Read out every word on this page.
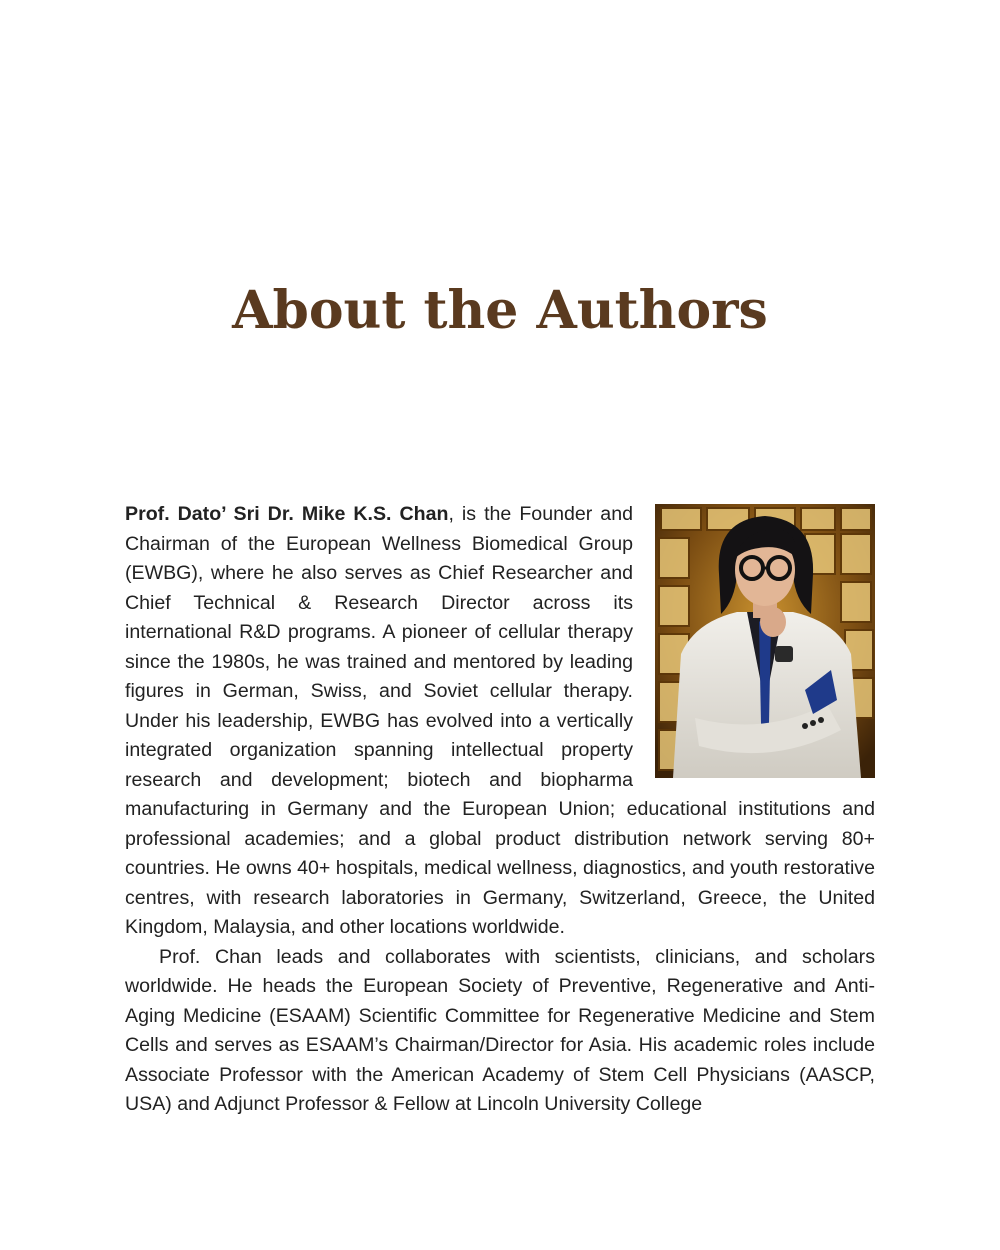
About the Authors

Prof. Dato’ Sri Dr. Mike K.S. Chan, is the Founder and Chairman of the European Wellness Biomedical Group (EWBG), where he also serves as Chief Researcher and Chief Technical & Research Director across its international R&D programs. A pioneer of cellular therapy since the 1980s, he was trained and mentored by leading figures in German, Swiss, and Soviet cellular therapy. Under his leadership, EWBG has evolved into a vertically integrated organization spanning intellectual property research and development; biotech and biopharma manufacturing in Germany and the European Union; educational institutions and professional academies; and a global product distribution network serving 80+ countries. He owns 40+ hospitals, medical wellness, diagnostics, and youth restorative centres, with research laboratories in Germany, Switzerland, Greece, the United Kingdom, Malaysia, and other locations worldwide.

Prof. Chan leads and collaborates with scientists, clinicians, and scholars worldwide. He heads the European Society of Preventive, Regenerative and Anti-Aging Medicine (ESAAM) Scientific Committee for Regenerative Medicine and Stem Cells and serves as ESAAM’s Chairman/Director for Asia. His academic roles include Associate Professor with the American Academy of Stem Cell Physicians (AASCP, USA) and Adjunct Professor & Fellow at Lincoln University College
